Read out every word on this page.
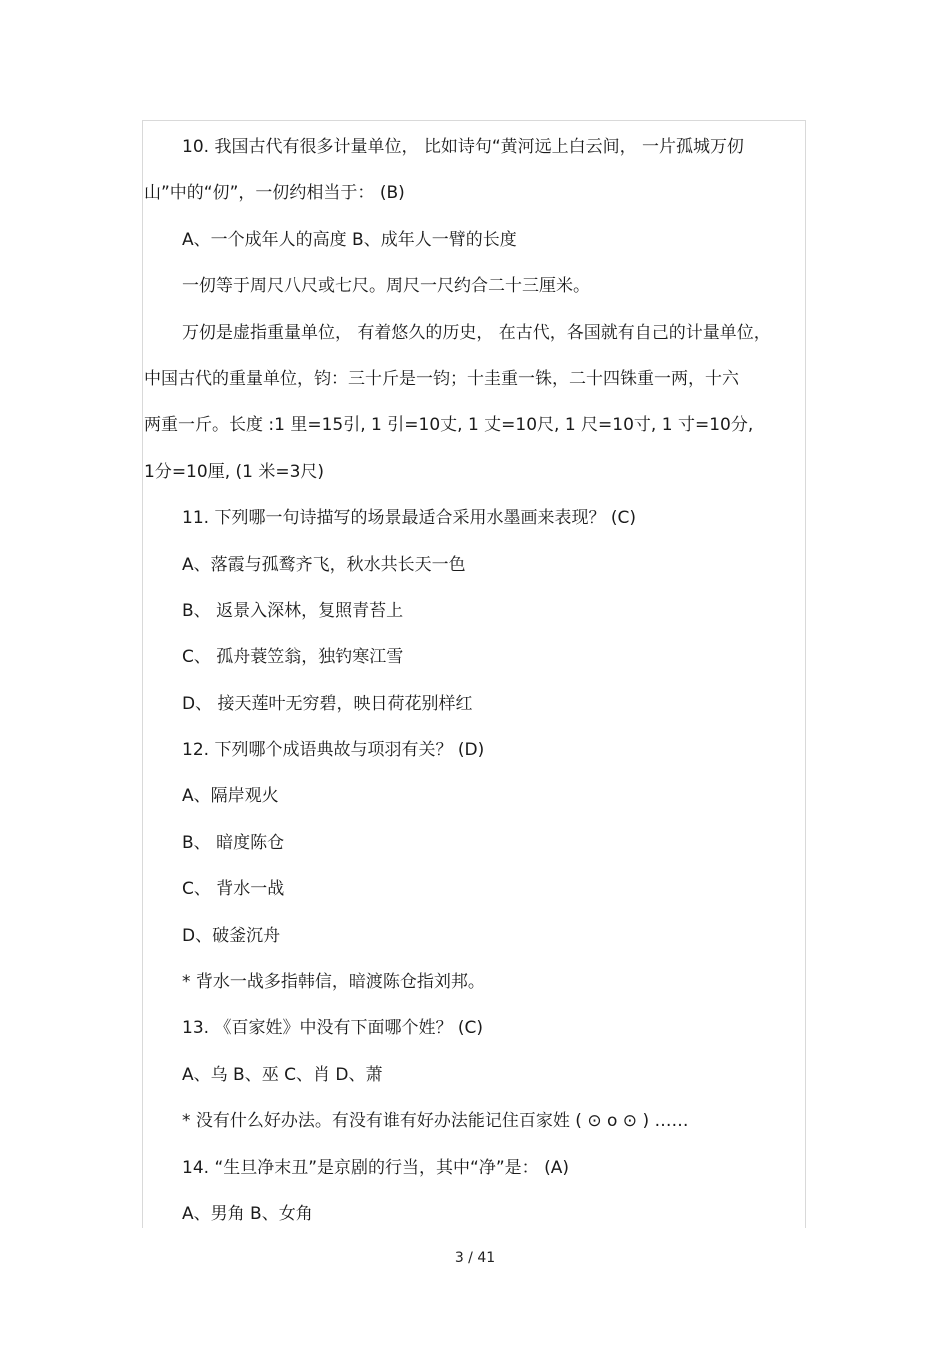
10. 我国古代有很多计量单位， 比如诗句“黄河远上白云间， 一片孤城万仞
山”中的“仞”，一仞约相当于： (B)
A、一个成年人的高度 B、成年人一臂的长度
一仞等于周尺八尺或七尺。周尺一尺约合二十三厘米。
万仞是虚指重量单位， 有着悠久的历史， 在古代，各国就有自己的计量单位，
中国古代的重量单位，钧：三十斤是一钧；十圭重一铢，二十四铢重一两，十六
两重一斤。长度 :1 里=15引, 1 引=10丈, 1 丈=10尺, 1 尺=10寸, 1 寸=10分,
1分=10厘, (1 米=3尺)
11. 下列哪一句诗描写的场景最适合采用水墨画来表现？ (C)
A、落霞与孤鹜齐飞，秋水共长天一色
B、 返景入深林，复照青苔上
C、 孤舟蓑笠翁，独钓寒江雪
D、 接天莲叶无穷碧，映日荷花别样红
12. 下列哪个成语典故与项羽有关？ (D)
A、隔岸观火
B、 暗度陈仓
C、 背水一战
D、破釜沉舟
* 背水一战多指韩信，暗渡陈仓指刘邦。
13. 《百家姓》中没有下面哪个姓？ (C)
A、乌 B、巫 C、肖 D、萧
* 没有什么好办法。有没有谁有好办法能记住百家姓 ( ⊙ o ⊙ ) ……
14. “生旦净末丑”是京剧的行当，其中“净”是： (A)
A、男角 B、女角
3 / 41
